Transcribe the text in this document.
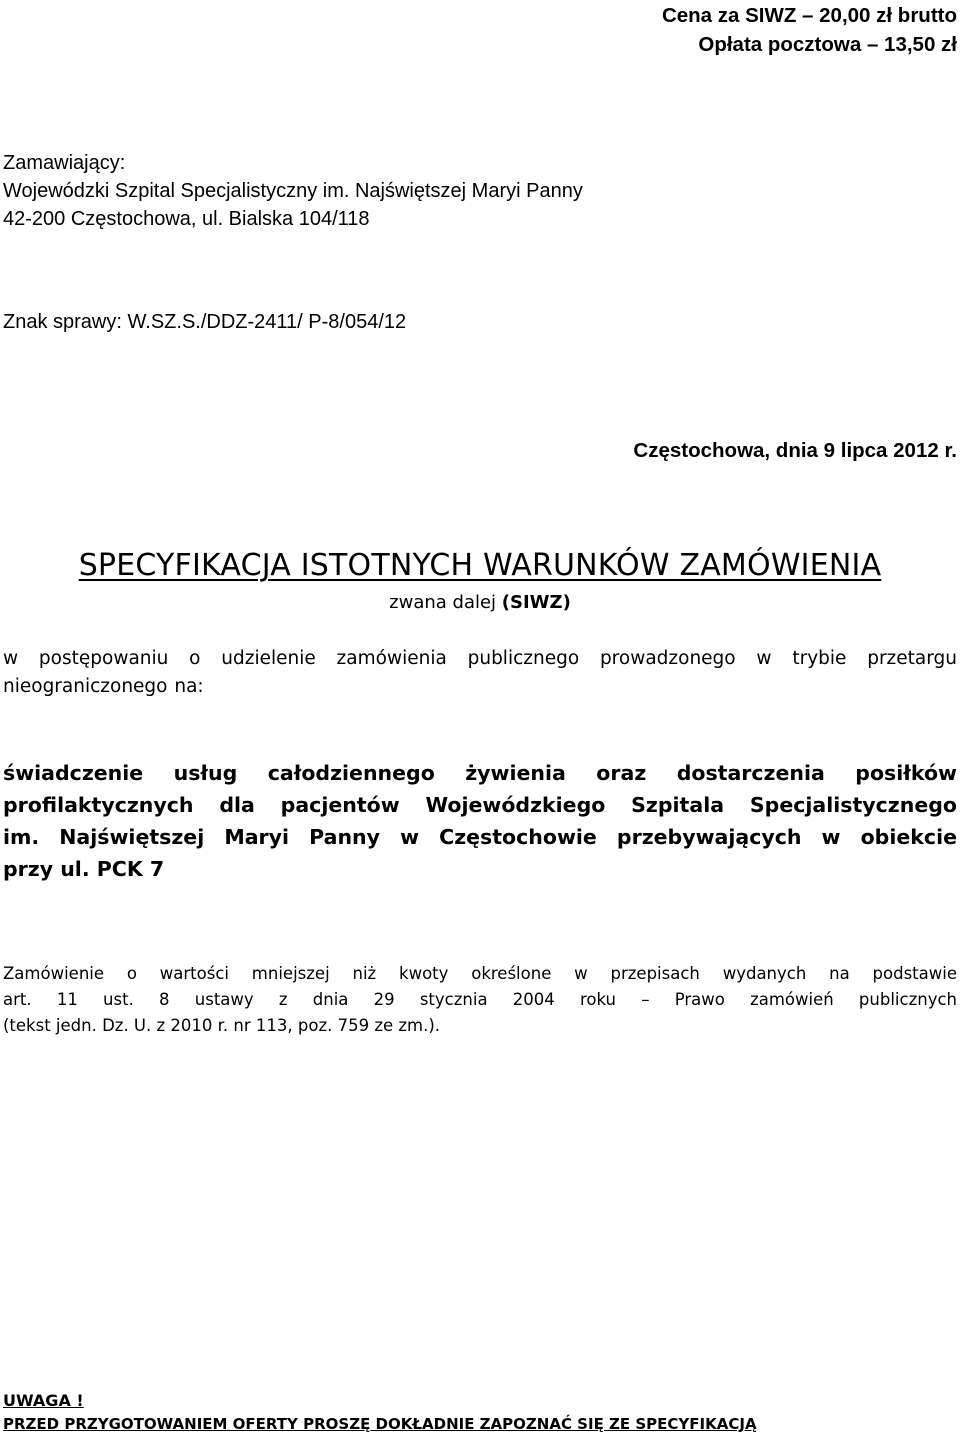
Cena za SIWZ – 20,00 zł brutto
Opłata pocztowa – 13,50 zł
Zamawiający:
Wojewódzki Szpital Specjalistyczny im. Najświętszej Maryi Panny
42-200 Częstochowa, ul. Bialska 104/118
Znak sprawy: W.SZ.S./DDZ-2411/ P-8/054/12
Częstochowa, dnia 9 lipca 2012 r.
SPECYFIKACJA ISTOTNYCH WARUNKÓW ZAMÓWIENIA
zwana dalej (SIWZ)
w postępowaniu o udzielenie zamówienia publicznego prowadzonego w trybie przetargu
nieograniczonego na:
świadczenie usług całodziennego żywienia oraz dostarczenia posiłków
profilaktycznych dla pacjentów Wojewódzkiego Szpitala Specjalistycznego
im. Najświętszej Maryi Panny w Częstochowie przebywających w obiekcie
przy ul. PCK 7
Zamówienie o wartości mniejszej niż kwoty określone w przepisach wydanych na podstawie
art. 11 ust. 8 ustawy z dnia 29 stycznia 2004 roku – Prawo zamówień publicznych
(tekst jedn. Dz. U. z 2010 r. nr 113, poz. 759 ze zm.).
UWAGA !
PRZED PRZYGOTOWANIEM OFERTY PROSZĘ DOKŁADNIE ZAPOZNAĆ SIĘ ZE SPECYFIKACJĄ
